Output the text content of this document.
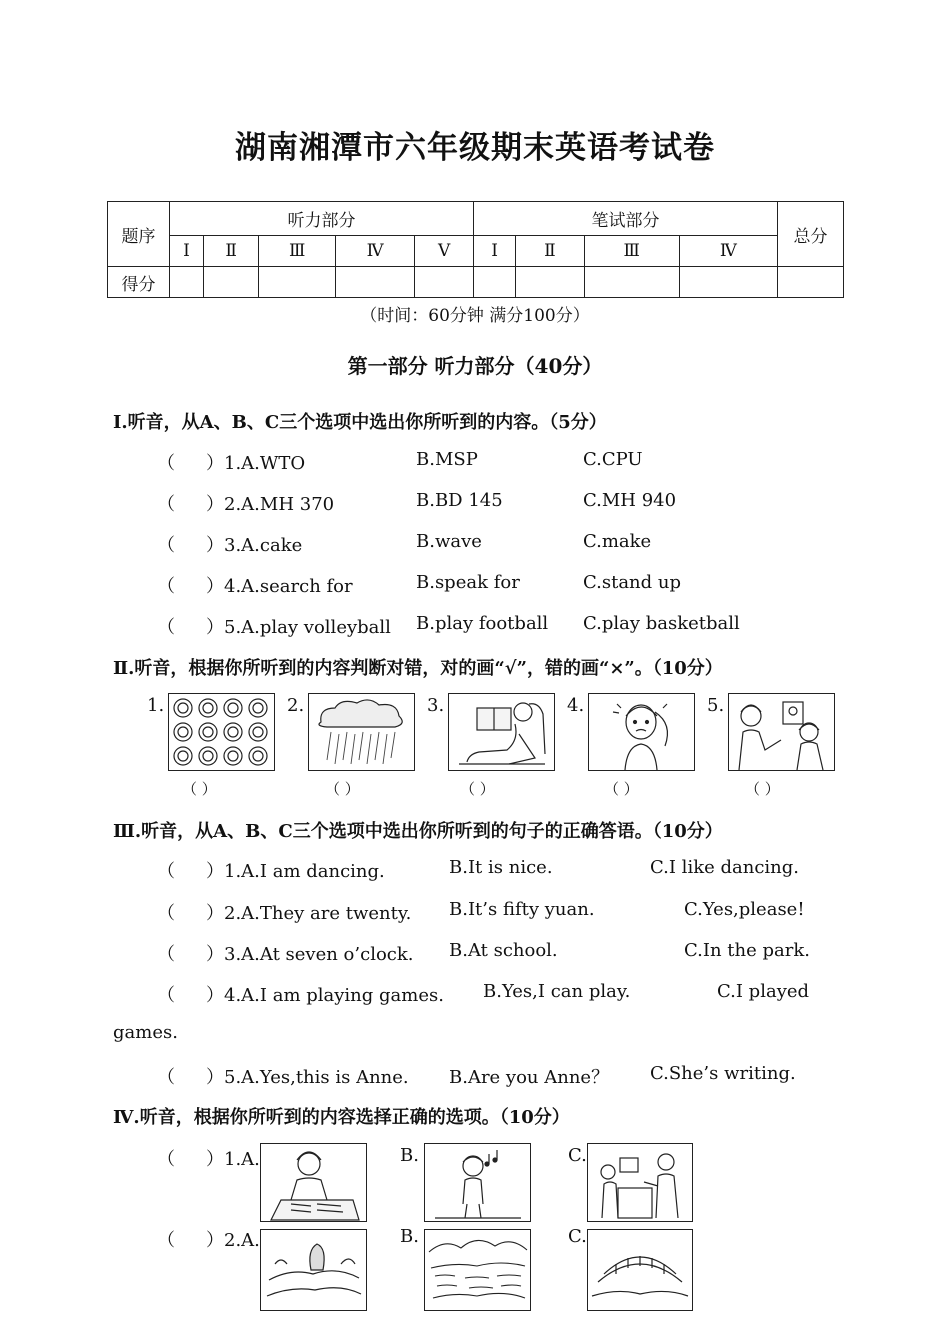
湖南湘潭市六年级期末英语考试卷
题序	听力部分					笔试部分				总分
	Ⅰ	Ⅱ	Ⅲ	Ⅳ	Ⅴ	Ⅰ	Ⅱ	Ⅲ	Ⅳ	
得分										
（时间：60分钟 满分100分）
第一部分 听力部分（40分）
Ⅰ.听音，从A、B、C三个选项中选出你所听到的内容。（5分）
（ ）1.A.WTO	B.MSP	C.CPU
（ ）2.A.MH 370	B.BD 145	C.MH 940
（ ）3.A.cake	B.wave	C.make
（ ）4.A.search for	B.speak for	C.stand up
（ ）5.A.play volleyball B.play football C.play basketball
Ⅱ.听音，根据你所听到的内容判断对错，对的画“√”，错的画“×”。（10分）
1.
（ ）
2.
（ ）
3.
（ ）
4.
（ ）
5.
（ ）
Ⅲ.听音，从A、B、C三个选项中选出你所听到的句子的正确答语。（10分）
（ ）1.A.I am dancing.	B.It is nice.	C.I like dancing.
（ ）2.A.They are twenty. B.It’s fifty yuan.	C.Yes,please!
（ ）3.A.At seven o’clock. B.At school.	C.In the park.
（ ）4.A.I am playing games. B.Yes,I can play.	C.I played
games.
（ ）5.A.Yes,this is Anne. B.Are you Anne？ C.She’s writing.
Ⅳ.听音，根据你所听到的内容选择正确的选项。（10分）
（ ）1.A.	B.	C.
（ ）2.A.	B.	C.
